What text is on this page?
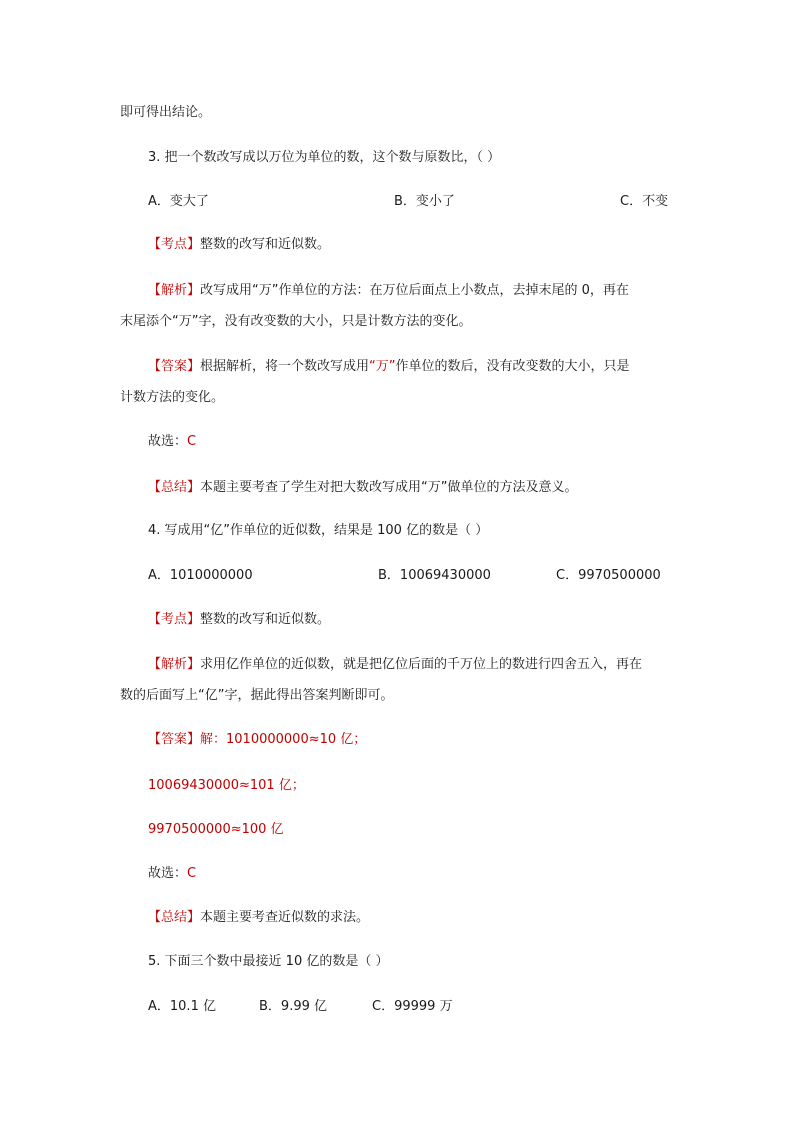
即可得出结论。
3. 把一个数改写成以万位为单位的数，这个数与原数比，（ ）
A．变大了	B．变小了	C．不变
【考点】整数的改写和近似数。
【解析】改写成用“万”作单位的方法：在万位后面点上小数点，去掉末尾的 0，再在
末尾添个“万”字，没有改变数的大小，只是计数方法的变化。
【答案】根据解析，将一个数改写成用“万”作单位的数后，没有改变数的大小，只是
计数方法的变化。
故选：C
【总结】本题主要考查了学生对把大数改写成用“万”做单位的方法及意义。
4. 写成用“亿”作单位的近似数，结果是 100 亿的数是（ ）
A．1010000000	B．10069430000	C．9970500000
【考点】整数的改写和近似数。
【解析】求用亿作单位的近似数，就是把亿位后面的千万位上的数进行四舍五入，再在
数的后面写上“亿”字，据此得出答案判断即可。
【答案】解：1010000000≈10 亿；
10069430000≈101 亿；
9970500000≈100 亿
故选：C
【总结】本题主要考查近似数的求法。
5. 下面三个数中最接近 10 亿的数是（ ）
A．10.1 亿	B．9.99 亿	C．99999 万
